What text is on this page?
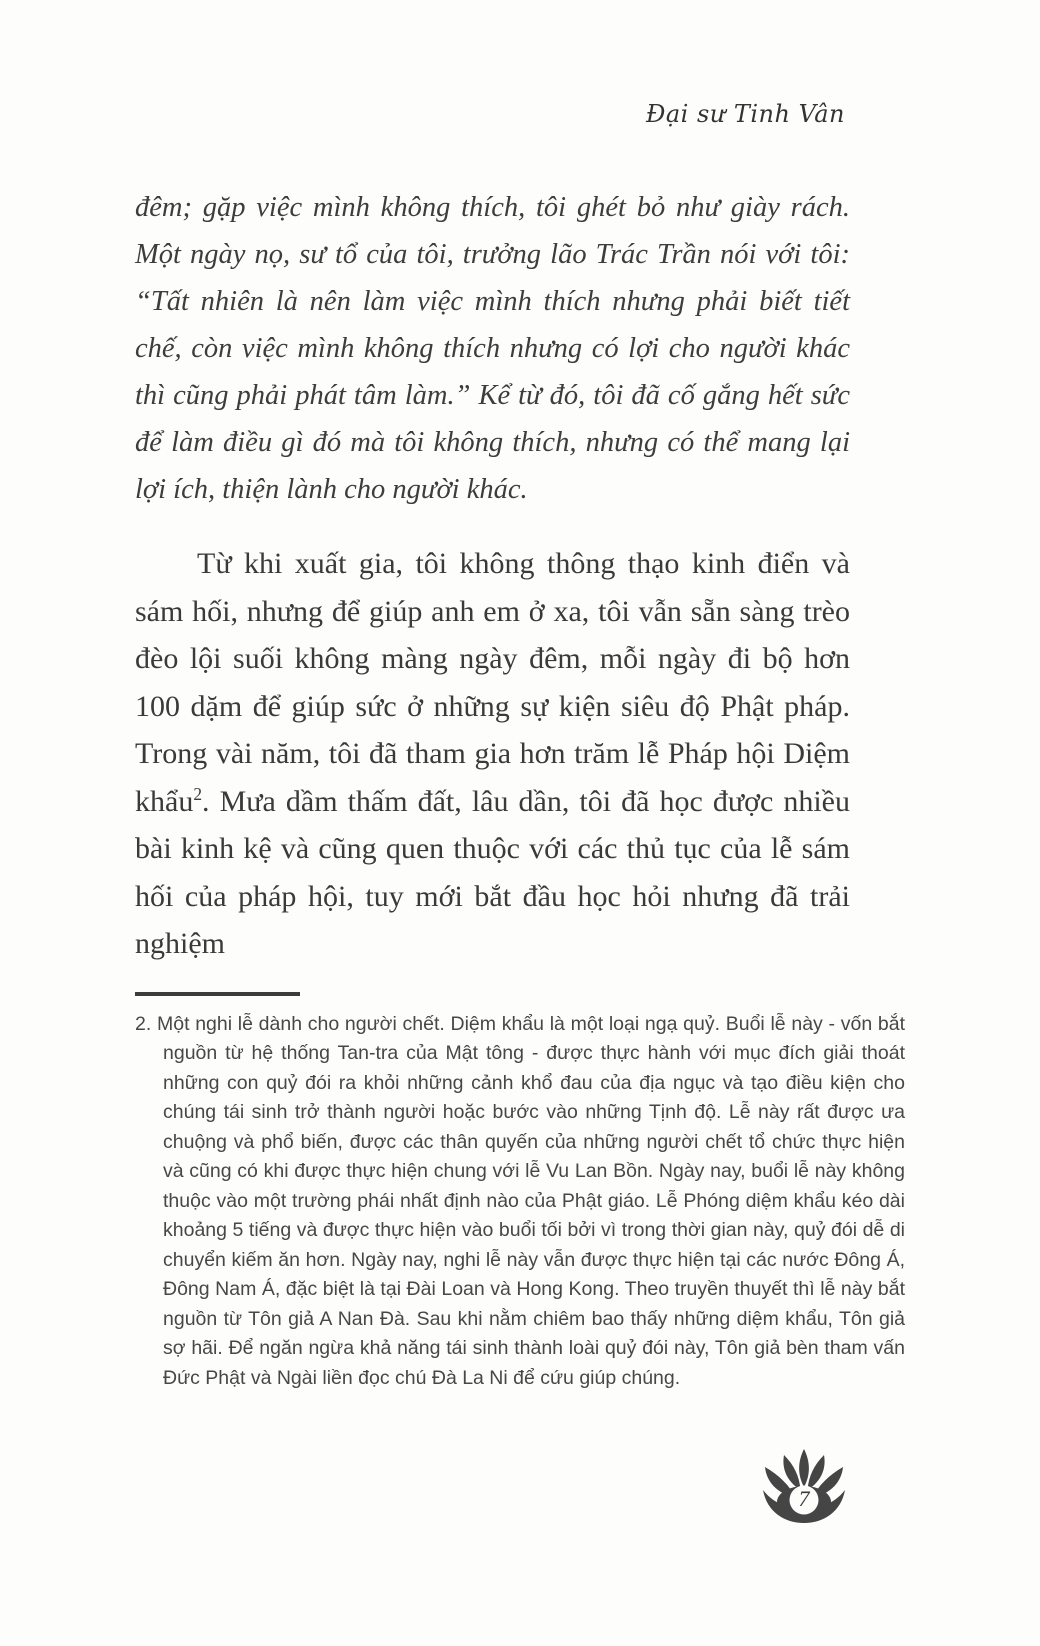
Đại sư Tinh Vân

đêm; gặp việc mình không thích, tôi ghét bỏ như giày rách. Một ngày nọ, sư tổ của tôi, trưởng lão Trác Trần nói với tôi: “Tất nhiên là nên làm việc mình thích nhưng phải biết tiết chế, còn việc mình không thích nhưng có lợi cho người khác thì cũng phải phát tâm làm.” Kể từ đó, tôi đã cố gắng hết sức để làm điều gì đó mà tôi không thích, nhưng có thể mang lại lợi ích, thiện lành cho người khác.

Từ khi xuất gia, tôi không thông thạo kinh điển và sám hối, nhưng để giúp anh em ở xa, tôi vẫn sẵn sàng trèo đèo lội suối không màng ngày đêm, mỗi ngày đi bộ hơn 100 dặm để giúp sức ở những sự kiện siêu độ Phật pháp. Trong vài năm, tôi đã tham gia hơn trăm lễ Pháp hội Diệm khẩu$^2$. Mưa dầm thấm đất, lâu dần, tôi đã học được nhiều bài kinh kệ và cũng quen thuộc với các thủ tục của lễ sám hối của pháp hội, tuy mới bắt đầu học hỏi nhưng đã trải nghiệm

2. Một nghi lễ dành cho người chết. Diệm khẩu là một loại ngạ quỷ. Buổi lễ này - vốn bắt nguồn từ hệ thống Tan-tra của Mật tông - được thực hành với mục đích giải thoát những con quỷ đói ra khỏi những cảnh khổ đau của địa ngục và tạo điều kiện cho chúng tái sinh trở thành người hoặc bước vào những Tịnh độ. Lễ này rất được ưa chuộng và phổ biến, được các thân quyến của những người chết tổ chức thực hiện và cũng có khi được thực hiện chung với lễ Vu Lan Bồn. Ngày nay, buổi lễ này không thuộc vào một trường phái nhất định nào của Phật giáo. Lễ Phóng diệm khẩu kéo dài khoảng 5 tiếng và được thực hiện vào buổi tối bởi vì trong thời gian này, quỷ đói dễ di chuyển kiếm ăn hơn. Ngày nay, nghi lễ này vẫn được thực hiện tại các nước Đông Á, Đông Nam Á, đặc biệt là tại Đài Loan và Hong Kong. Theo truyền thuyết thì lễ này bắt nguồn từ Tôn giả A Nan Đà. Sau khi nằm chiêm bao thấy những diệm khẩu, Tôn giả sợ hãi. Để ngăn ngừa khả năng tái sinh thành loài quỷ đói này, Tôn giả bèn tham vấn Đức Phật và Ngài liền đọc chú Đà La Ni để cứu giúp chúng.

7
